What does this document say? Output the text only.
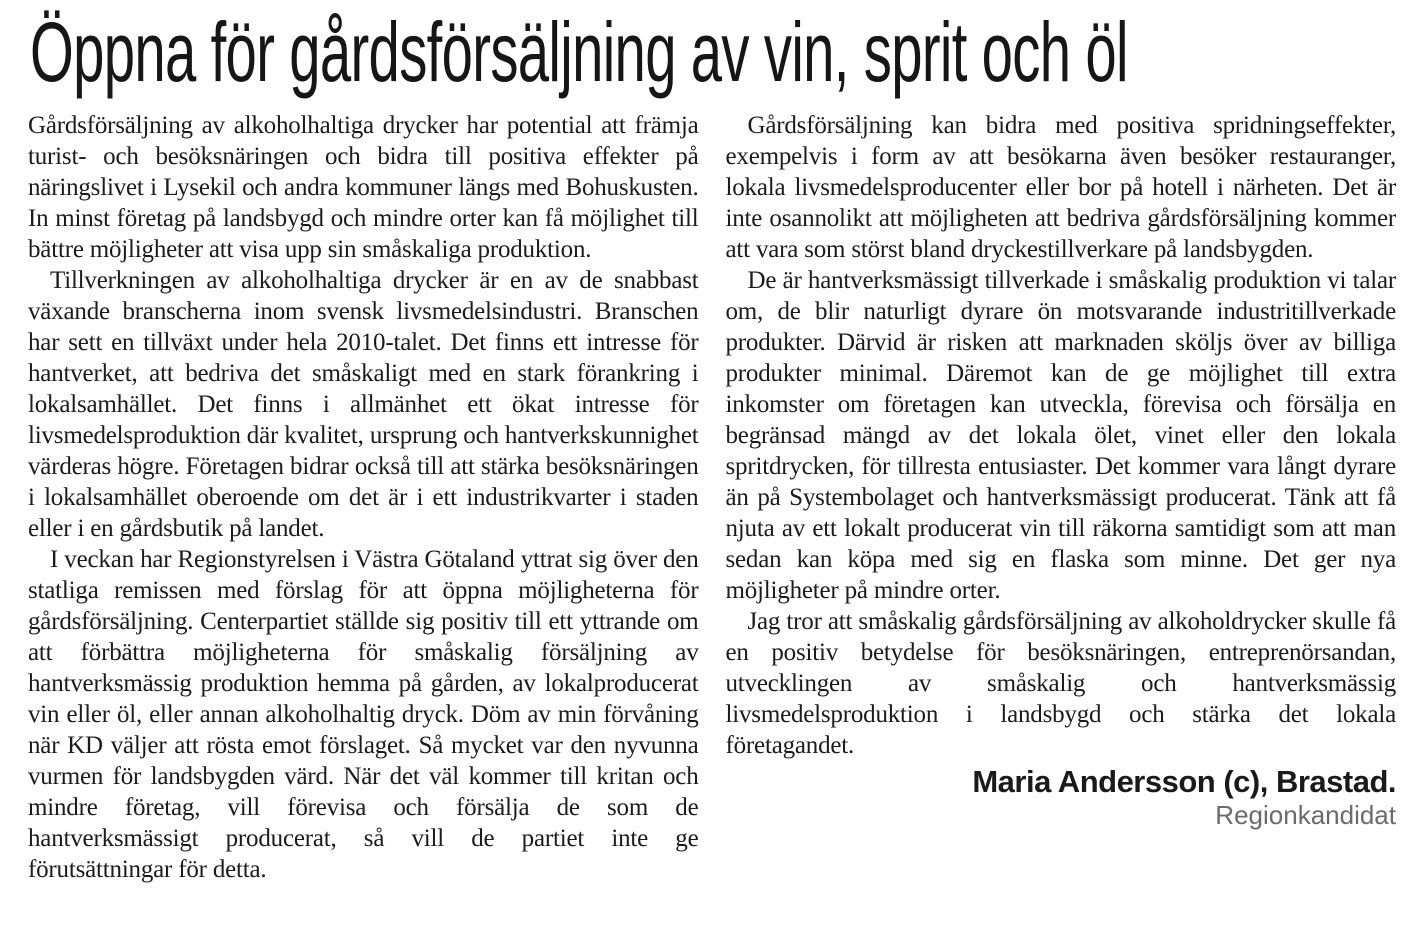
Öppna för gårdsförsäljning av vin, sprit och öl

Gårdsförsäljning av alkoholhaltiga drycker har potential att främja turist- och besöksnäringen och bidra till positiva effekter på näringslivet i Lysekil och andra kommuner längs med Bohuskusten. In minst företag på landsbygd och mindre orter kan få möjlighet till bättre möjligheter att visa upp sin småskaliga produktion.

Tillverkningen av alkoholhaltiga drycker är en av de snabbast växande branscherna inom svensk livsmedelsindustri. Branschen har sett en tillväxt under hela 2010-talet. Det finns ett intresse för hantverket, att bedriva det småskaligt med en stark förankring i lokalsamhället. Det finns i allmänhet ett ökat intresse för livsmedelsproduktion där kvalitet, ursprung och hantverkskunnighet värderas högre. Företagen bidrar också till att stärka besöksnäringen i lokalsamhället oberoende om det är i ett industrikvarter i staden eller i en gårdsbutik på landet.

I veckan har Regionstyrelsen i Västra Götaland yttrat sig över den statliga remissen med förslag för att öppna möjligheterna för gårdsförsäljning. Centerpartiet ställde sig positiv till ett yttrande om att förbättra möjligheterna för småskalig försäljning av hantverksmässig produktion hemma på gården, av lokalproducerat vin eller öl, eller annan alkoholhaltig dryck. Döm av min förvåning när KD väljer att rösta emot förslaget. Så mycket var den nyvunna vurmen för landsbygden värd. När det väl kommer till kritan och mindre företag, vill förevisa och försälja de som de hantverksmässigt producerat, så vill de partiet inte ge förutsättningar för detta.

Gårdsförsäljning kan bidra med positiva spridningseffekter, exempelvis i form av att besökarna även besöker restauranger, lokala livsmedelsproducenter eller bor på hotell i närheten. Det är inte osannolikt att möjligheten att bedriva gårdsförsäljning kommer att vara som störst bland dryckestillverkare på landsbygden.

De är hantverksmässigt tillverkade i småskalig produktion vi talar om, de blir naturligt dyrare ön motsvarande industritillverkade produkter. Därvid är risken att marknaden sköljs över av billiga produkter minimal. Däremot kan de ge möjlighet till extra inkomster om företagen kan utveckla, förevisa och försälja en begränsad mängd av det lokala ölet, vinet eller den lokala spritdrycken, för tillresta entusiaster. Det kommer vara långt dyrare än på Systembolaget och hantverksmässigt producerat. Tänk att få njuta av ett lokalt producerat vin till räkorna samtidigt som att man sedan kan köpa med sig en flaska som minne. Det ger nya möjligheter på mindre orter.

Jag tror att småskalig gårdsförsäljning av alkoholdrycker skulle få en positiv betydelse för besöksnäringen, entreprenörsandan, utvecklingen av småskalig och hantverksmässig livsmedelsproduktion i landsbygd och stärka det lokala företagandet.

Maria Andersson (c), Brastad.
Regionkandidat
